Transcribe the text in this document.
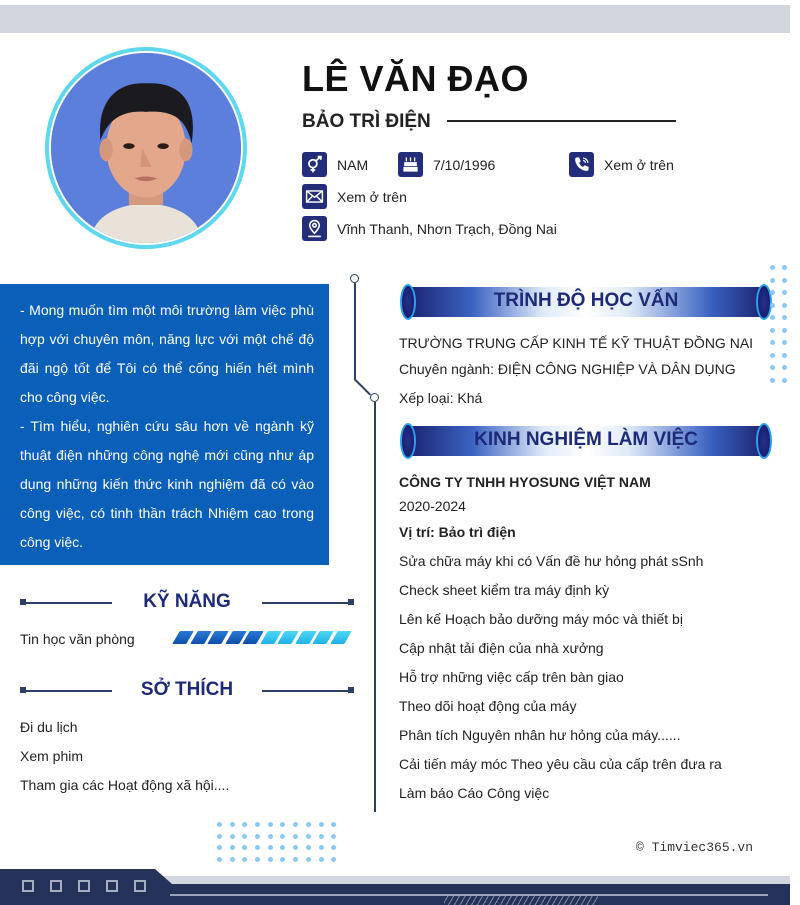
LÊ VĂN ĐẠO
BẢO TRÌ ĐIỆN
NAM	7/10/1996	Xem ở trên
Xem ở trên
Vĩnh Thanh, Nhơn Trạch, Đồng Nai
- Mong muốn tìm một môi trường làm việc phù hợp với chuyên môn, năng lực với một chế độ đãi ngộ tốt để Tôi có thể cống hiến hết mình cho công việc.
- Tìm hiểu, nghiên cứu sâu hơn về ngành kỹ thuật điện những công nghệ mới cũng như áp dụng những kiến thức kinh nghiệm đã có vào công việc, có tinh thần trách Nhiệm cao trong công việc.
KỸ NĂNG
Tin học văn phòng
SỞ THÍCH
Đi du lịch
Xem phim
Tham gia các Hoạt động xã hội....
TRÌNH ĐỘ HỌC VẤN
TRƯỜNG TRUNG CẤP KINH TẾ KỸ THUẬT ĐỒNG NAI
Chuyên ngành: ĐIỆN CÔNG NGHIỆP VÀ DÂN DỤNG
Xếp loại: Khá
KINH NGHIỆM LÀM VIỆC
CÔNG TY TNHH HYOSUNG VIỆT NAM
2020-2024
Vị trí: Bảo trì điện
Sửa chữa máy khi có Vấn đề hư hỏng phát sSnh
Check sheet kiểm tra máy định kỳ
Lên kế Hoạch bảo dưỡng máy móc và thiết bị
Cập nhật tải điện của nhà xưởng
Hỗ trợ những việc cấp trên bàn giao
Theo dõi hoạt động của máy
Phân tích Nguyên nhân hư hỏng của máy......
Cải tiến máy móc Theo yêu cầu của cấp trên đưa ra
Làm báo Cáo Công việc
© Timviec365.vn
